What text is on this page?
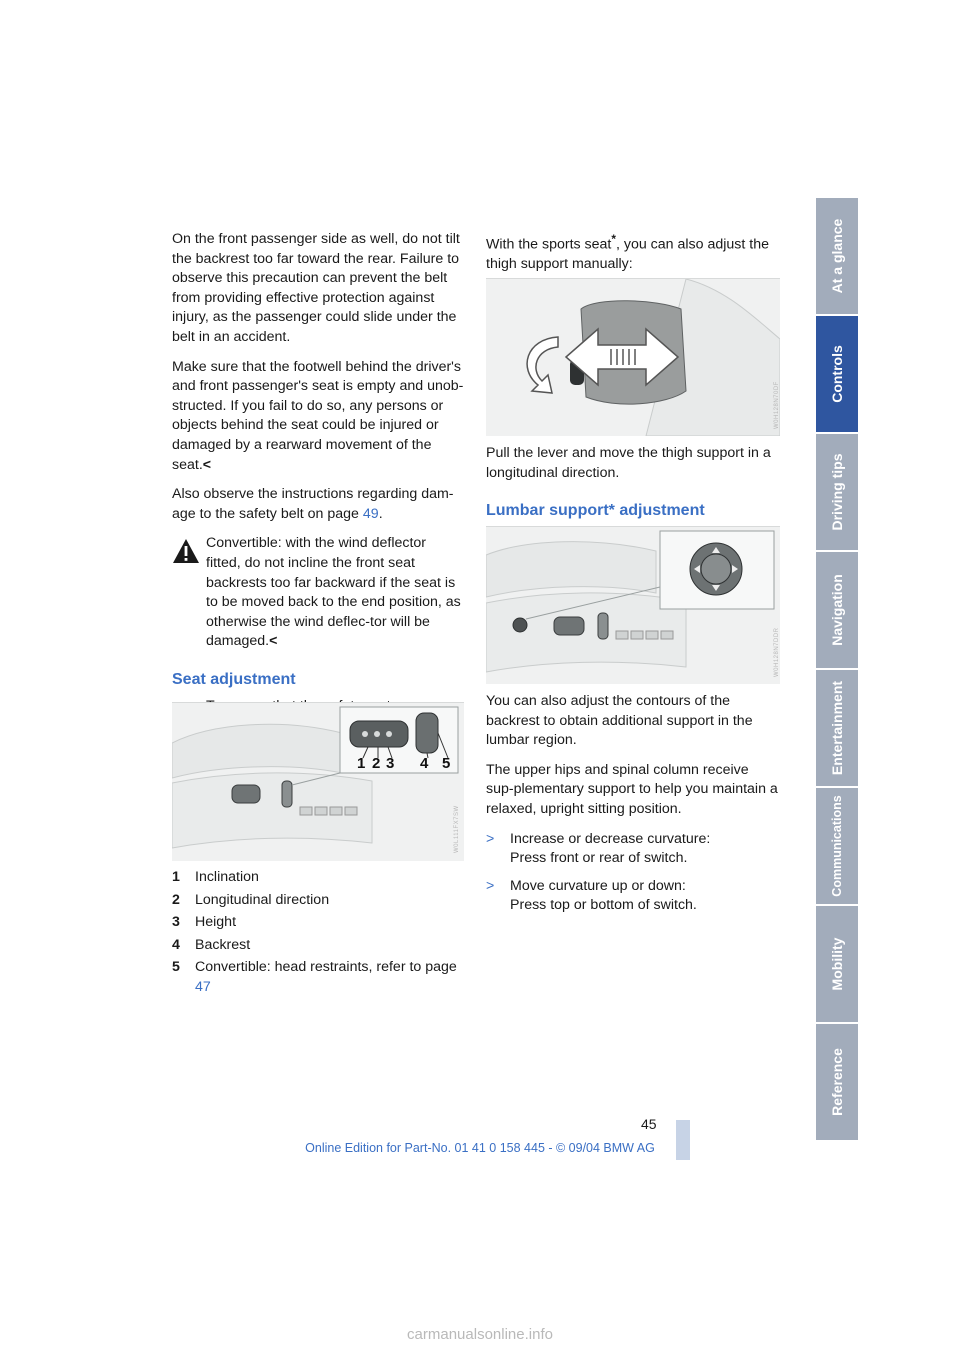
On the front passenger side as well, do not tilt the backrest too far toward the rear. Failure to observe this precaution can prevent the belt from providing effective protection against injury, as the passenger could slide under the belt in an accident.

Make sure that the footwell behind the driver's and front passenger's seat is empty and unob-structed. If you fail to do so, any persons or objects behind the seat could be injured or damaged by a rearward movement of the seat.<

Also observe the instructions regarding dam-age to the safety belt on page 49.

Convertible: with the wind deflector fitted, do not incline the front seat backrests too far backward if the seat is to be moved back to the end position, as otherwise the wind deflec-tor will be damaged.<
Seat adjustment
1 2 3 4 5
W0L111FX7SW
1	Inclination
2	Longitudinal direction
3	Height
4	Backrest
5	Convertible: head restraints, refer to page 47

With the sports seat*, you can also adjust the thigh support manually:

W0H128N70DF

Pull the lever and move the thigh support in a longitudinal direction.

Lumbar support* adjustment
W0H128N7DDR

You can also adjust the contours of the backrest to obtain additional support in the lumbar region.

The upper hips and spinal column receive sup-plementary support to help you maintain a relaxed, upright sitting position.

>	Increase or decrease curvature:
Press front or rear of switch.
>	Move curvature up or down:
Press top or bottom of switch.
At a glance
Controls
Driving tips
Navigation
Entertainment
Communications
Mobility
Reference
45
Online Edition for Part-No. 01 41 0 158 445 - © 09/04 BMW AG
carmanualsonline.info
